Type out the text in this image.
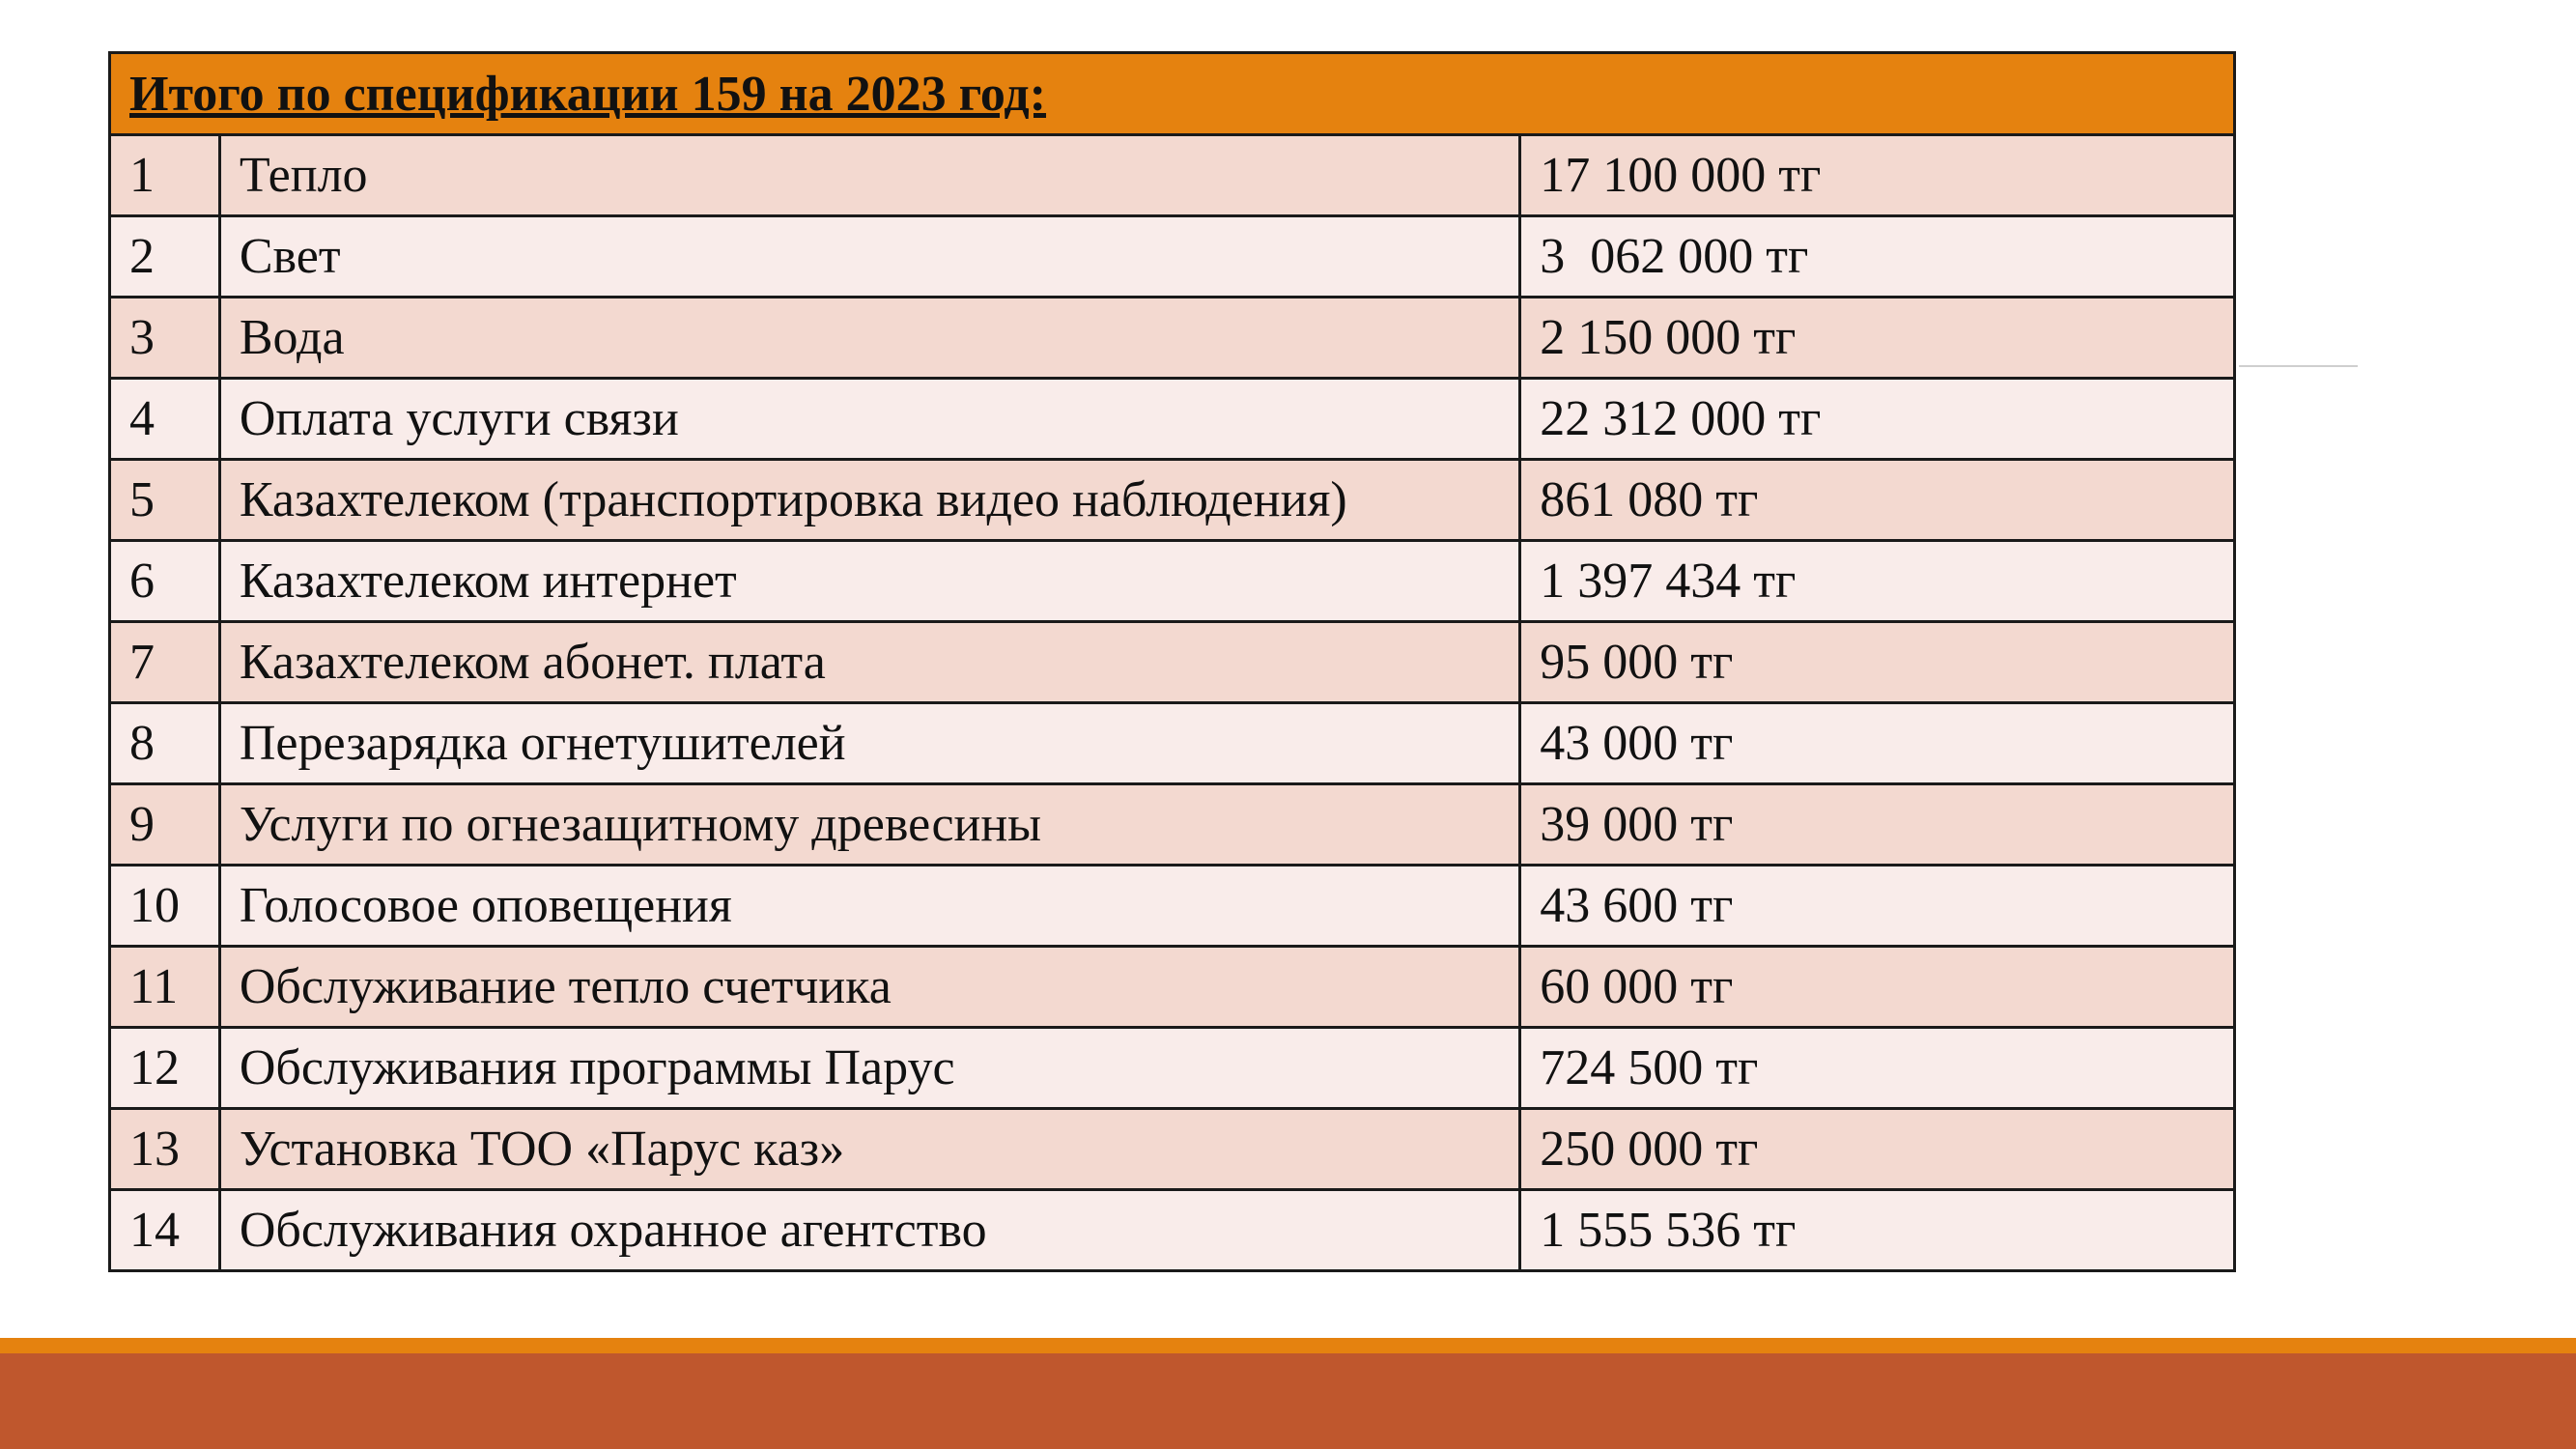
Итого по спецификации 159 на 2023 год:		
1	Тепло	17 100 000 тг
2	Свет	3  062 000 тг
3	Вода	2 150 000 тг
4	Оплата услуги связи	22 312 000 тг
5	Казахтелеком (транспортировка видео наблюдения)	861 080 тг
6	Казахтелеком интернет	1 397 434 тг
7	Казахтелеком абонет. плата	95 000 тг
8	Перезарядка огнетушителей	43 000 тг
9	Услуги по огнезащитному древесины	39 000 тг
10	Голосовое оповещения	43 600 тг
11	Обслуживание тепло счетчика	60 000 тг
12	Обслуживания программы Парус	724 500 тг
13	Установка ТОО «Парус каз»	250 000 тг
14	Обслуживания охранное агентство	1 555 536 тг
